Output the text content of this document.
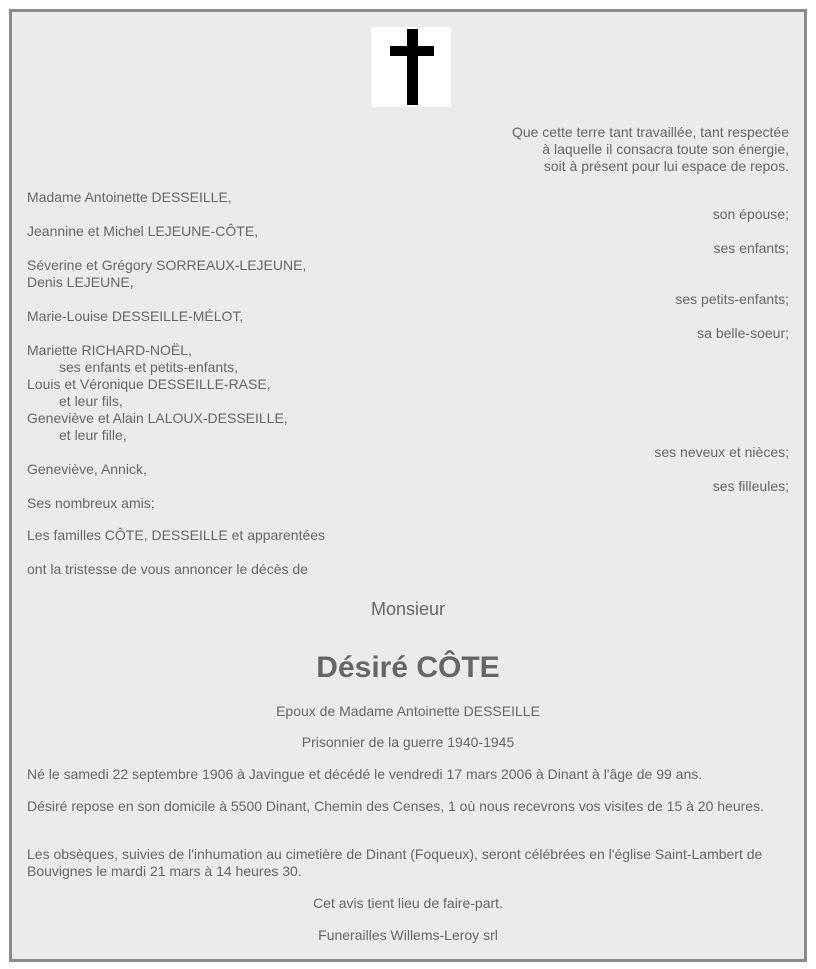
Que cette terre tant travaillée, tant respectée
à laquelle il consacra toute son énergie,
soit à présent pour lui espace de repos.
Madame Antoinette DESSEILLE,
son épouse;
Jeannine et Michel LEJEUNE-CÔTE,
ses enfants;
Séverine et Grégory SORREAUX-LEJEUNE,
Denis LEJEUNE,
ses petits-enfants;
Marie-Louise DESSEILLE-MÉLOT,
sa belle-soeur;
Mariette RICHARD-NOËL,
ses enfants et petits-enfants,
Louis et Véronique DESSEILLE-RASE,
et leur fils,
Geneviève et Alain LALOUX-DESSEILLE,
et leur fille,
ses neveux et nièces;
Geneviève, Annick,
ses filleules;
Ses nombreux amis;
Les familles CÔTE, DESSEILLE et apparentées
ont la tristesse de vous annoncer le décès de
Monsieur
Désiré CÔTE
Epoux de Madame Antoinette DESSEILLE
Prisonnier de la guerre 1940-1945
Né le samedi 22 septembre 1906 à Javingue et décédé le vendredi 17 mars 2006 à Dinant à l'âge de 99 ans.
Désiré repose en son domicile à 5500 Dinant, Chemin des Censes, 1 où nous recevrons vos visites de 15 à 20 heures.
Les obsèques, suivies de l'inhumation au cimetière de Dinant (Foqueux), seront célébrées en l'église Saint-Lambert de Bouvignes le mardi 21 mars à 14 heures 30.
Cet avis tient lieu de faire-part.
Funerailles Willems-Leroy srl
